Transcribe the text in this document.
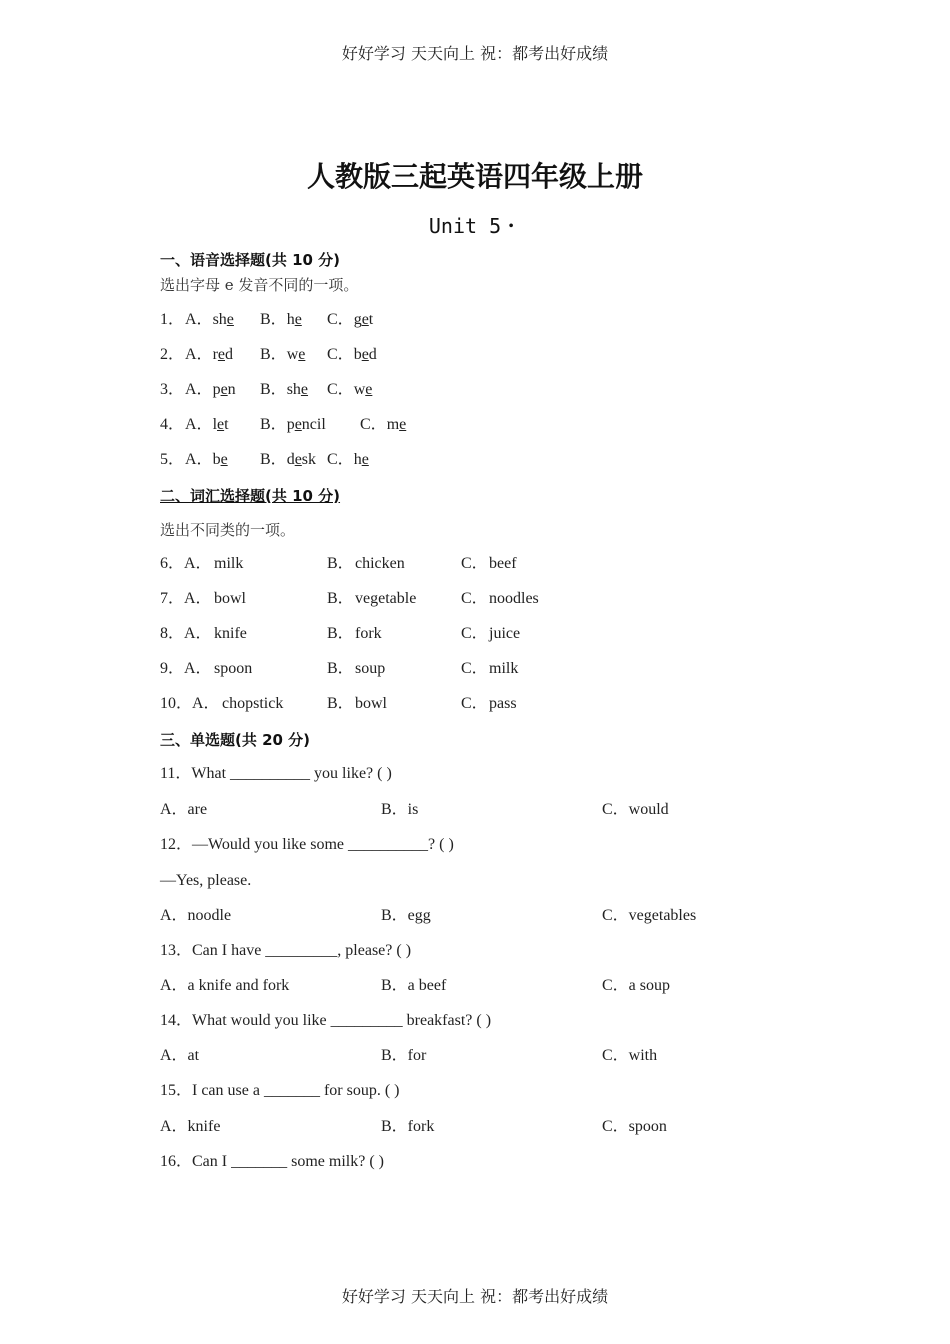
好好学习 天天向上 祝：都考出好成绩
人教版三起英语四年级上册
Unit 5・
一、语音选择题(共 10 分)
选出字母 e 发音不同的一项。
1． A．she B．he C．get
2． A．red B．we C．bed
3． A．pen B．she C．we
4． A．let B．pencil C．me
5． A．be B．desk C．he
二、词汇选择题(共 10 分)
选出不同类的一项。
6．A． milk	B． chicken	C． beef
7．A． bowl	B． vegetable	C． noodles
8．A． knife	B． fork	C． juice
9．A． spoon	B． soup	C． milk
10．A． chopstick	B． bowl	C． pass
三、单选题(共 20 分)
11．What __________ you like? ( )
A．are	B．is	C．would
12．—Would you like some __________? ( )
—Yes, please.
A．noodle	B．egg	C．vegetables
13．Can I have _________, please? ( )
A．a knife and fork	B．a beef	C．a soup
14．What would you like _________ breakfast? ( )
A．at	B．for	C．with
15．I can use a _______ for soup. ( )
A．knife	B．fork	C．spoon
16．Can I _______ some milk? ( )
好好学习 天天向上 祝：都考出好成绩
